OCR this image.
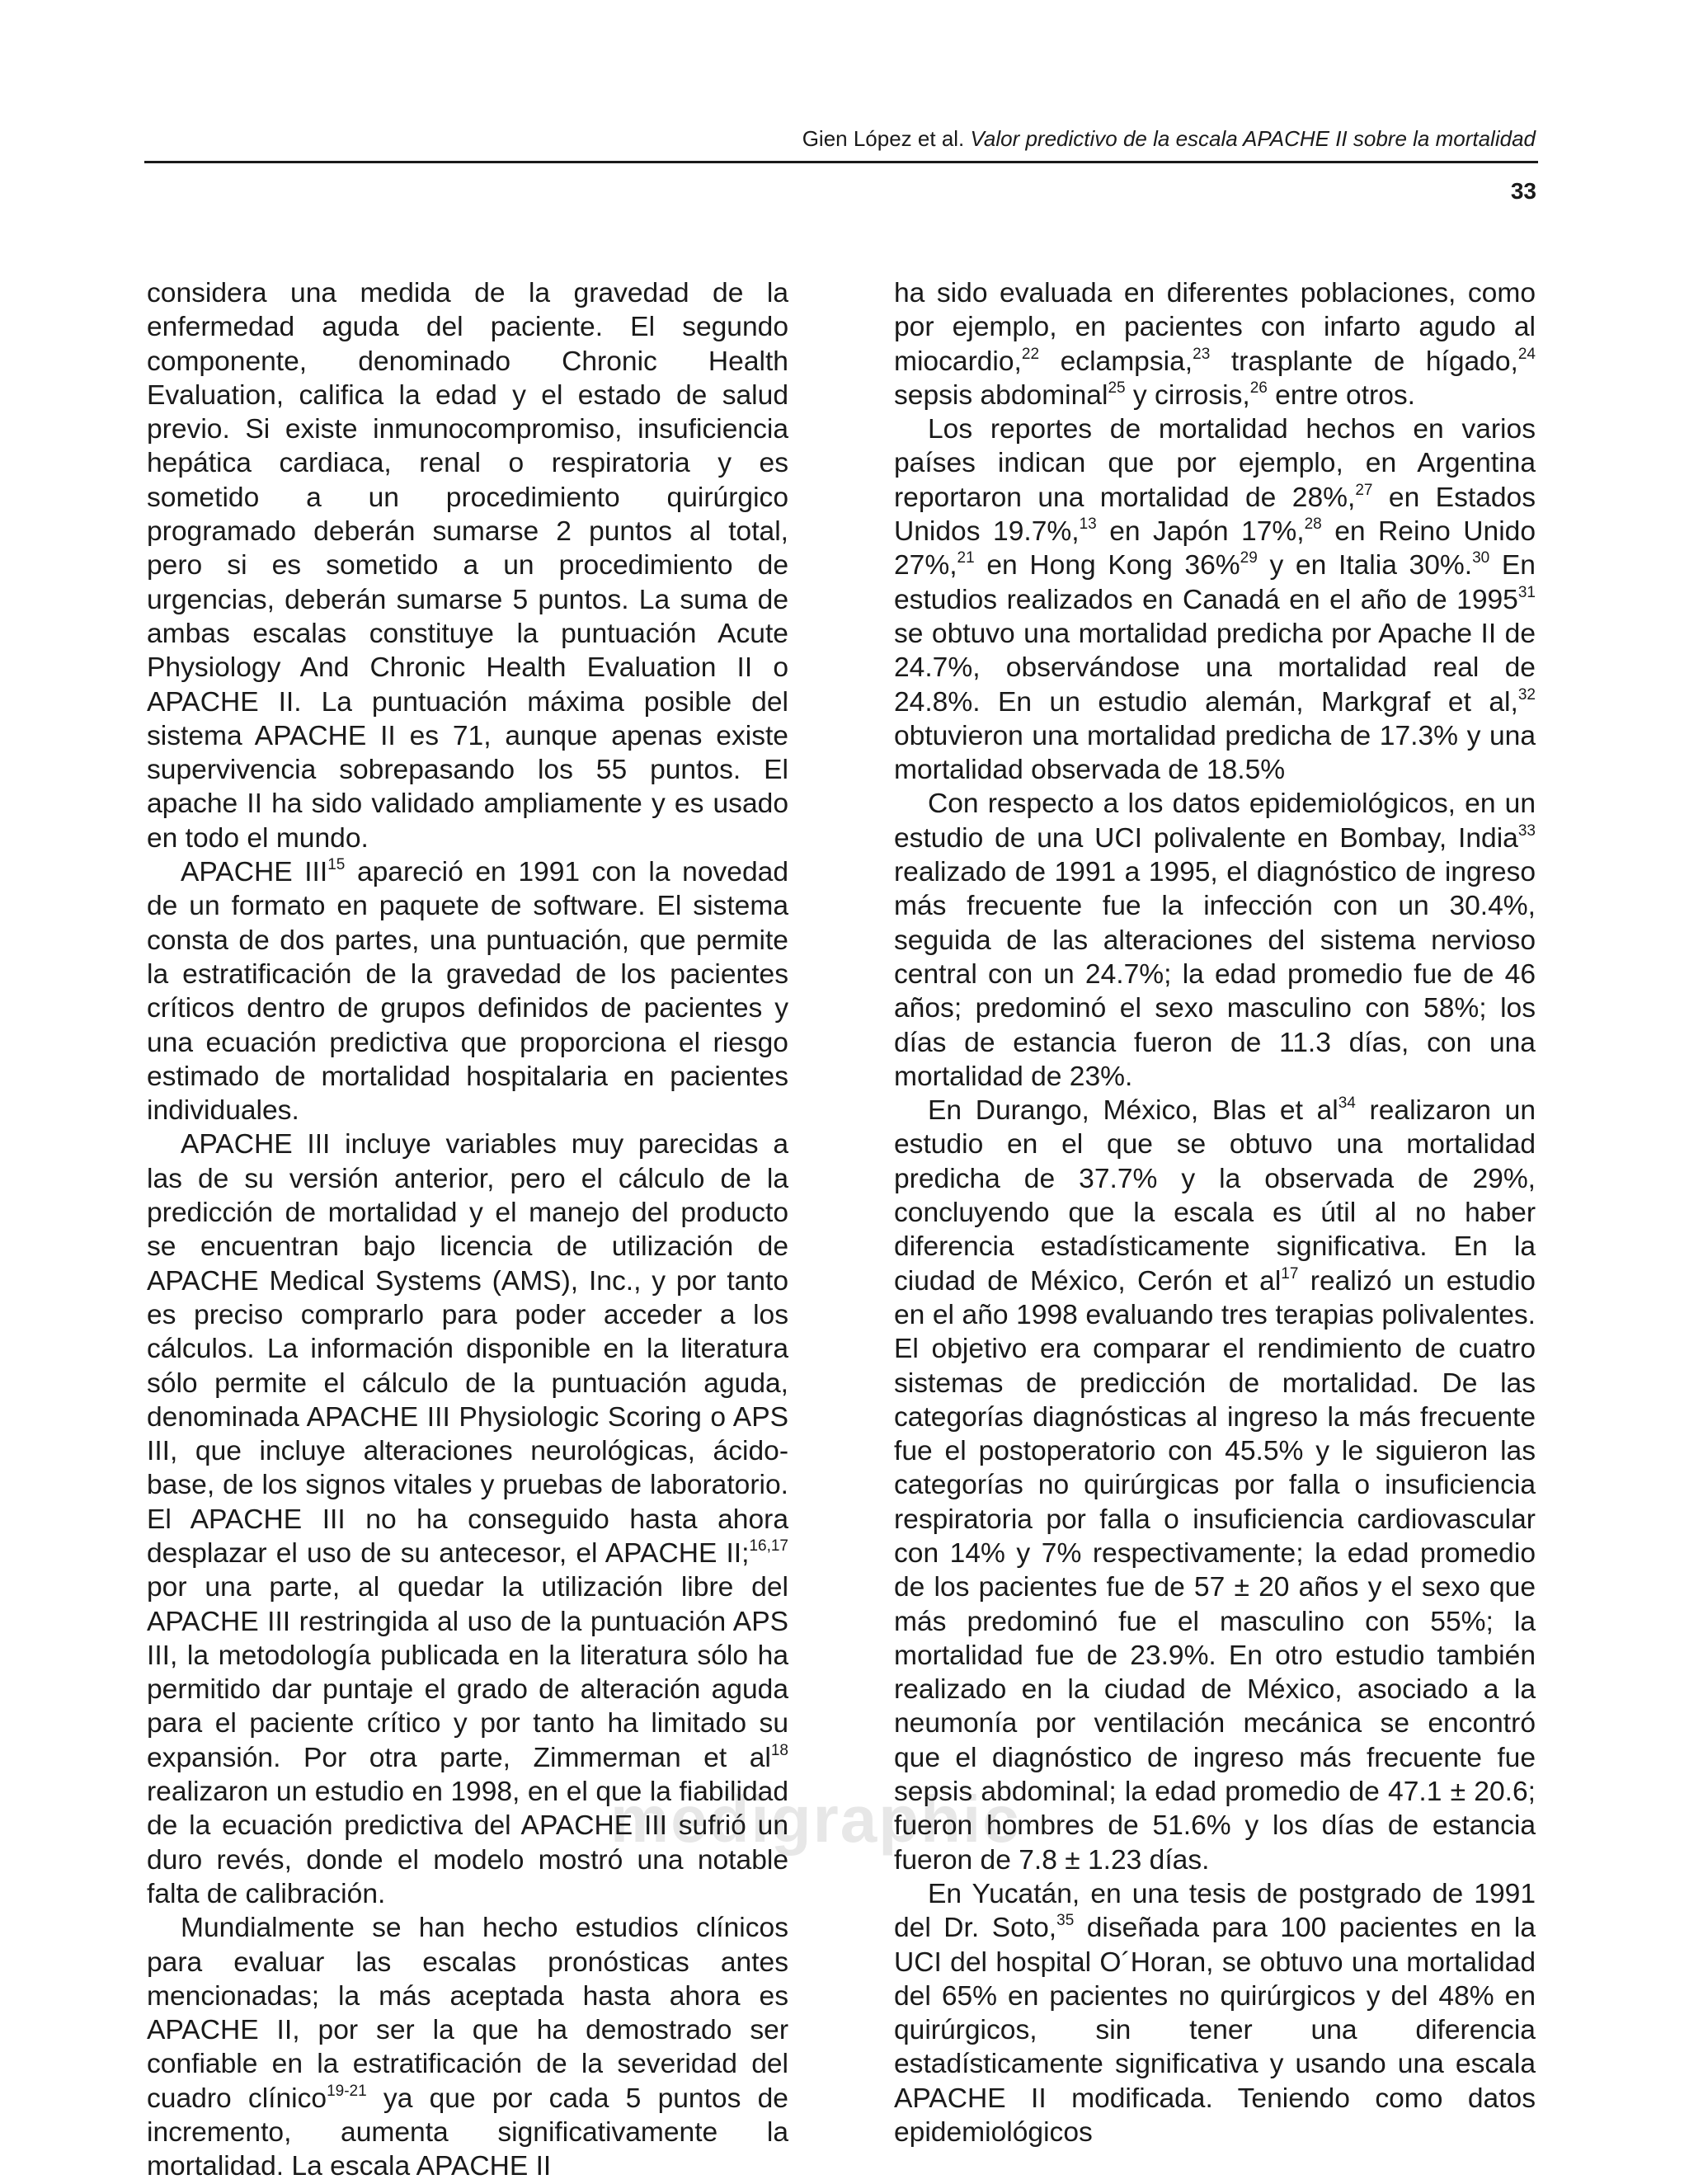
Gien López et al. Valor predictivo de la escala APACHE II sobre la mortalidad
33
medigraphic

considera una medida de la gravedad de la enfermedad aguda del paciente. El segundo componente, denominado Chronic Health Evaluation, califica la edad y el estado de salud previo. Si existe inmunocompromiso, insuficiencia hepática cardiaca, renal o respiratoria y es sometido a un procedimiento quirúrgico programado deberán sumarse 2 puntos al total, pero si es sometido a un procedimiento de urgencias, deberán sumarse 5 puntos. La suma de ambas escalas constituye la puntuación Acute Physiology And Chronic Health Evaluation II o APACHE II. La puntuación máxima posible del sistema APACHE II es 71, aunque apenas existe supervivencia sobrepasando los 55 puntos. El apache II ha sido validado ampliamente y es usado en todo el mundo.

APACHE III$^{15}$ apareció en 1991 con la novedad de un formato en paquete de software. El sistema consta de dos partes, una puntuación, que permite la estratificación de la gravedad de los pacientes críticos dentro de grupos definidos de pacientes y una ecuación predictiva que proporciona el riesgo estimado de mortalidad hospitalaria en pacientes individuales.

APACHE III incluye variables muy parecidas a las de su versión anterior, pero el cálculo de la predicción de mortalidad y el manejo del producto se encuentran bajo licencia de utilización de APACHE Medical Systems (AMS), Inc., y por tanto es preciso comprarlo para poder acceder a los cálculos. La información disponible en la literatura sólo permite el cálculo de la puntuación aguda, denominada APACHE III Physiologic Scoring o APS III, que incluye alteraciones neurológicas, ácido-base, de los signos vitales y pruebas de laboratorio. El APACHE III no ha conseguido hasta ahora desplazar el uso de su antecesor, el APACHE II;$^{16,17}$ por una parte, al quedar la utilización libre del APACHE III restringida al uso de la puntuación APS III, la metodología publicada en la literatura sólo ha permitido dar puntaje el grado de alteración aguda para el paciente crítico y por tanto ha limitado su expansión. Por otra parte, Zimmerman et $al^{18}$ realizaron un estudio en 1998, en el que la fiabilidad de la ecuación predictiva del APACHE III sufrió un duro revés, donde el modelo mostró una notable falta de calibración.

Mundialmente se han hecho estudios clínicos para evaluar las escalas pronósticas antes mencionadas; la más aceptada hasta ahora es APACHE II, por ser la que ha demostrado ser confiable en la estratificación de la severidad del cuadro clínico$^{19-21}$ ya que por cada 5 puntos de incremento, aumenta significativamente la mortalidad. La escala APACHE II

ha sido evaluada en diferentes poblaciones, como por ejemplo, en pacientes con infarto agudo al miocardio,$^{22}$ eclampsia,$^{23}$ trasplante de hígado,$^{24}$ sepsis abdominal$^{25}$ y cirrosis,$^{26}$ entre otros.

Los reportes de mortalidad hechos en varios países indican que por ejemplo, en Argentina reportaron una mortalidad de 28%,$^{27}$ en Estados Unidos 19.7%,$^{13}$ en Japón 17%,$^{28}$ en Reino Unido 27%,$^{21}$ en Hong Kong 36%$^{29}$ y en Italia 30%.$^{30}$ En estudios realizados en Canadá en el año de 1995$^{31}$ se obtuvo una mortalidad predicha por Apache II de 24.7%, observándose una mortalidad real de 24.8%. En un estudio alemán, Markgraf et al,$^{32}$ obtuvieron una mortalidad predicha de 17.3% y una mortalidad observada de 18.5%

Con respecto a los datos epidemiológicos, en un estudio de una UCI polivalente en Bombay, India$^{33}$ realizado de 1991 a 1995, el diagnóstico de ingreso más frecuente fue la infección con un 30.4%, seguida de las alteraciones del sistema nervioso central con un 24.7%; la edad promedio fue de 46 años; predominó el sexo masculino con 58%; los días de estancia fueron de 11.3 días, con una mortalidad de 23%.

En Durango, México, Blas et $al^{34}$ realizaron un estudio en el que se obtuvo una mortalidad predicha de 37.7% y la observada de 29%, concluyendo que la escala es útil al no haber diferencia estadísticamente significativa. En la ciudad de México, Cerón et $al^{17}$ realizó un estudio en el año 1998 evaluando tres terapias polivalentes. El objetivo era comparar el rendimiento de cuatro sistemas de predicción de mortalidad. De las categorías diagnósticas al ingreso la más frecuente fue el postoperatorio con 45.5% y le siguieron las categorías no quirúrgicas por falla o insuficiencia respiratoria por falla o insuficiencia cardiovascular con 14% y 7% respectivamente; la edad promedio de los pacientes fue de 57 ± 20 años y el sexo que más predominó fue el masculino con 55%; la mortalidad fue de 23.9%. En otro estudio también realizado en la ciudad de México, asociado a la neumonía por ventilación mecánica se encontró que el diagnóstico de ingreso más frecuente fue sepsis abdominal; la edad promedio de 47.1 ± 20.6; fueron hombres de 51.6% y los días de estancia fueron de 7.8 ± 1.23 días.

En Yucatán, en una tesis de postgrado de 1991 del Dr. Soto,$^{35}$ diseñada para 100 pacientes en la UCI del hospital O´Horan, se obtuvo una mortalidad del 65% en pacientes no quirúrgicos y del 48% en quirúrgicos, sin tener una diferencia estadísticamente significativa y usando una escala APACHE II modificada. Teniendo como datos epidemiológicos
